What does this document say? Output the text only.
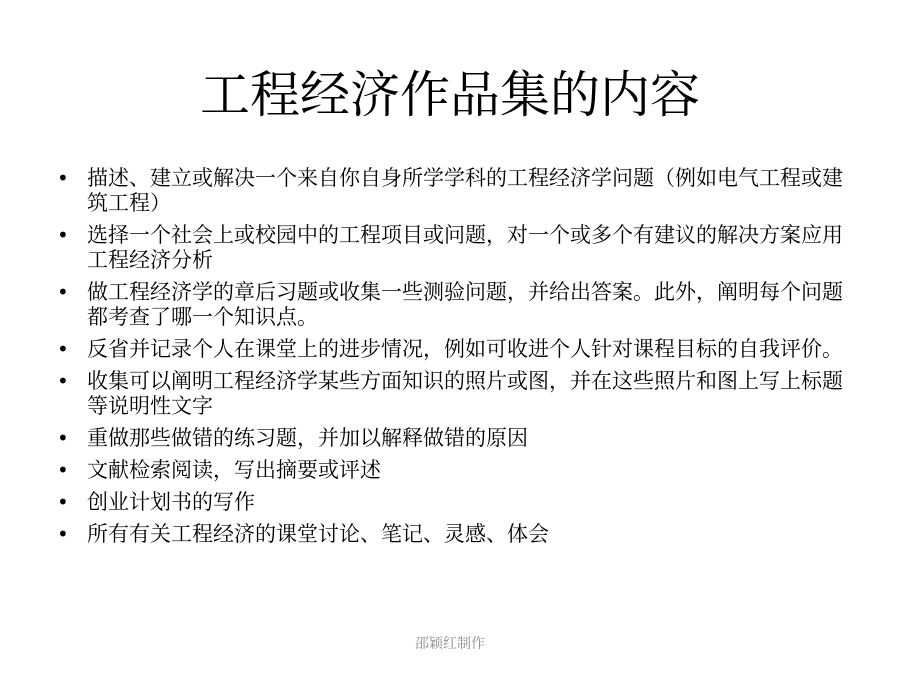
工程经济作品集的内容
• 描述、建立或解决一个来自你自身所学学科的工程经济学问题（例如电气工程或建筑工程）
• 选择一个社会上或校园中的工程项目或问题，对一个或多个有建议的解决方案应用工程经济分析
• 做工程经济学的章后习题或收集一些测验问题，并给出答案。此外，阐明每个问题都考查了哪一个知识点。
• 反省并记录个人在课堂上的进步情况，例如可收进个人针对课程目标的自我评价。
• 收集可以阐明工程经济学某些方面知识的照片或图，并在这些照片和图上写上标题等说明性文字
• 重做那些做错的练习题，并加以解释做错的原因
• 文献检索阅读，写出摘要或评述
• 创业计划书的写作
• 所有有关工程经济的课堂讨论、笔记、灵感、体会
邵颖红制作
